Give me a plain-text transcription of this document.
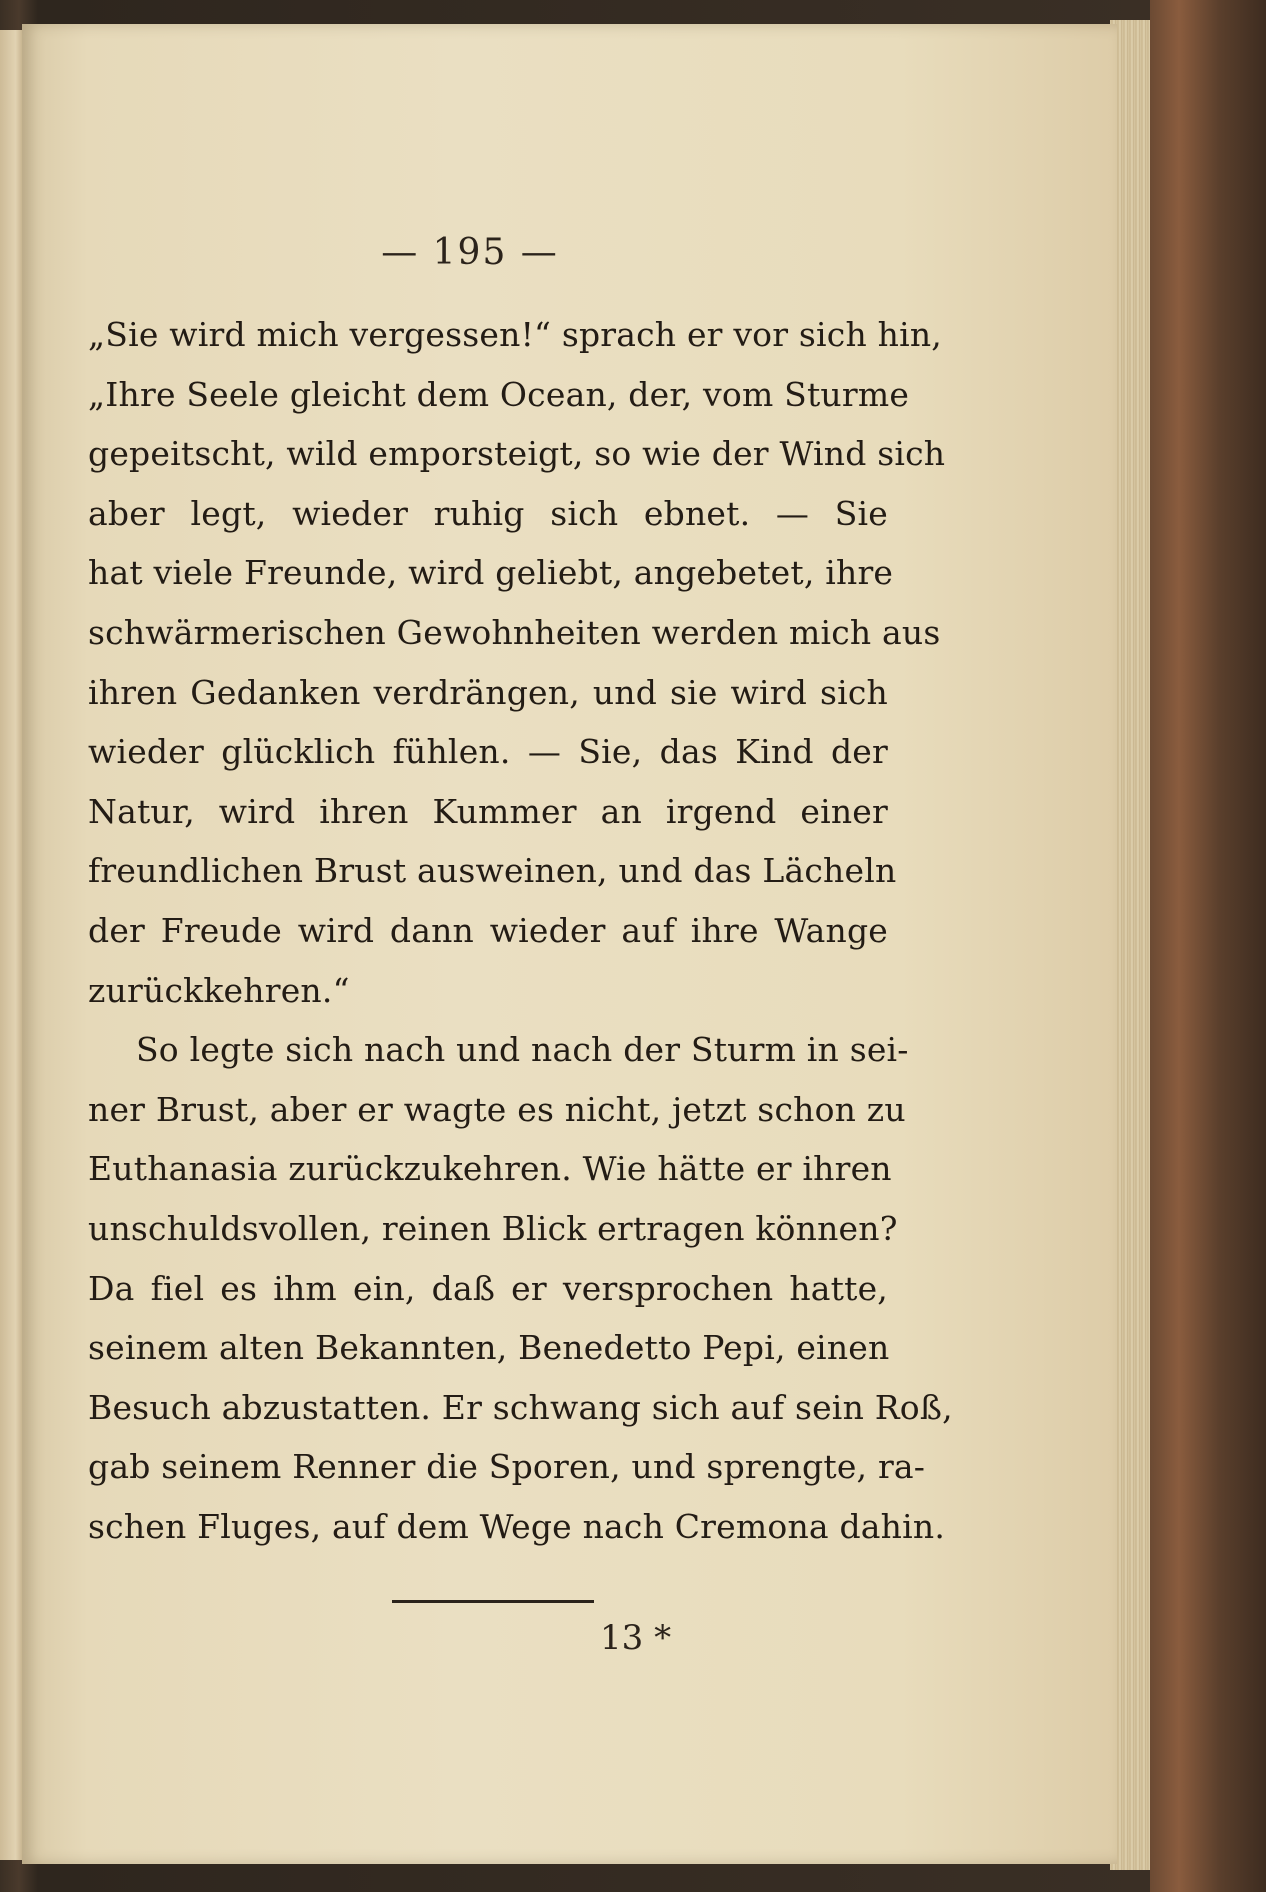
— 195 —
„Sie wird mich vergessen!“ sprach er vor sich hin,
„Ihre Seele gleicht dem Ocean, der, vom Sturme
gepeitscht, wild emporsteigt, so wie der Wind sich
aber legt, wieder ruhig sich ebnet. — Sie
hat viele Freunde, wird geliebt, angebetet, ihre
schwärmerischen Gewohnheiten werden mich aus
ihren Gedanken verdrängen, und sie wird sich
wieder glücklich fühlen. — Sie, das Kind der
Natur, wird ihren Kummer an irgend einer
freundlichen Brust ausweinen, und das Lächeln
der Freude wird dann wieder auf ihre Wange
zurückkehren.“
So legte sich nach und nach der Sturm in sei-
ner Brust, aber er wagte es nicht, jetzt schon zu
Euthanasia zurückzukehren. Wie hätte er ihren
unschuldsvollen, reinen Blick ertragen können?
Da fiel es ihm ein, daß er versprochen hatte,
seinem alten Bekannten, Benedetto Pepi, einen
Besuch abzustatten. Er schwang sich auf sein Roß,
gab seinem Renner die Sporen, und sprengte, ra-
schen Fluges, auf dem Wege nach Cremona dahin.
13 *
